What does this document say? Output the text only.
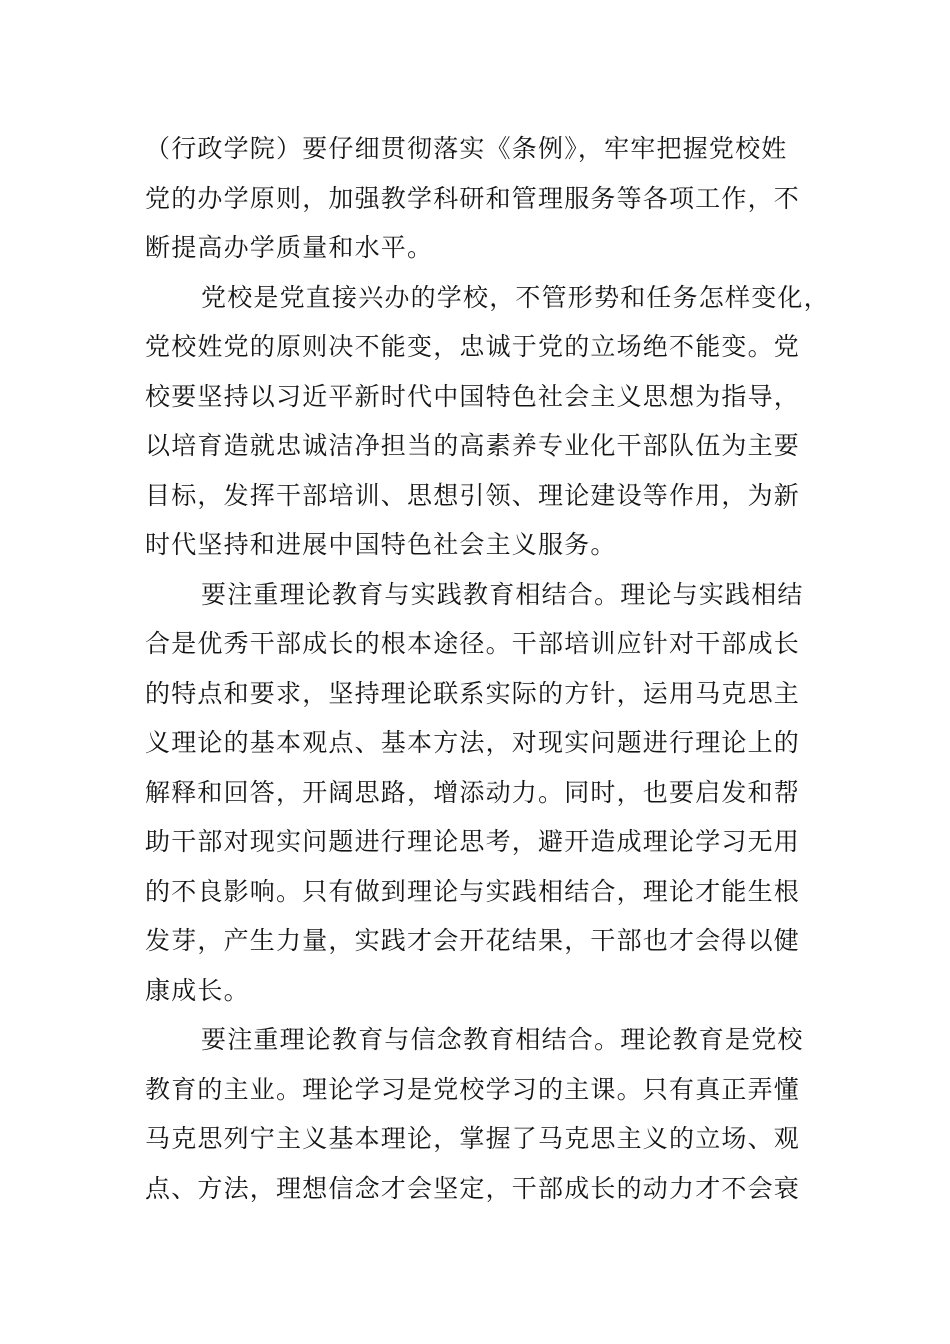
（行政学院）要仔细贯彻落实《条例》，牢牢把握党校姓
党的办学原则，加强教学科研和管理服务等各项工作，不
断提高办学质量和水平。
党校是党直接兴办的学校，不管形势和任务怎样变化，
党校姓党的原则决不能变，忠诚于党的立场绝不能变。党
校要坚持以习近平新时代中国特色社会主义思想为指导，
以培育造就忠诚洁净担当的高素养专业化干部队伍为主要
目标，发挥干部培训、思想引领、理论建设等作用，为新
时代坚持和进展中国特色社会主义服务。
要注重理论教育与实践教育相结合。理论与实践相结
合是优秀干部成长的根本途径。干部培训应针对干部成长
的特点和要求，坚持理论联系实际的方针，运用马克思主
义理论的基本观点、基本方法，对现实问题进行理论上的
解释和回答，开阔思路，增添动力。同时，也要启发和帮
助干部对现实问题进行理论思考，避开造成理论学习无用
的不良影响。只有做到理论与实践相结合，理论才能生根
发芽，产生力量，实践才会开花结果，干部也才会得以健
康成长。
要注重理论教育与信念教育相结合。理论教育是党校
教育的主业。理论学习是党校学习的主课。只有真正弄懂
马克思列宁主义基本理论，掌握了马克思主义的立场、观
点、方法，理想信念才会坚定，干部成长的动力才不会衰
